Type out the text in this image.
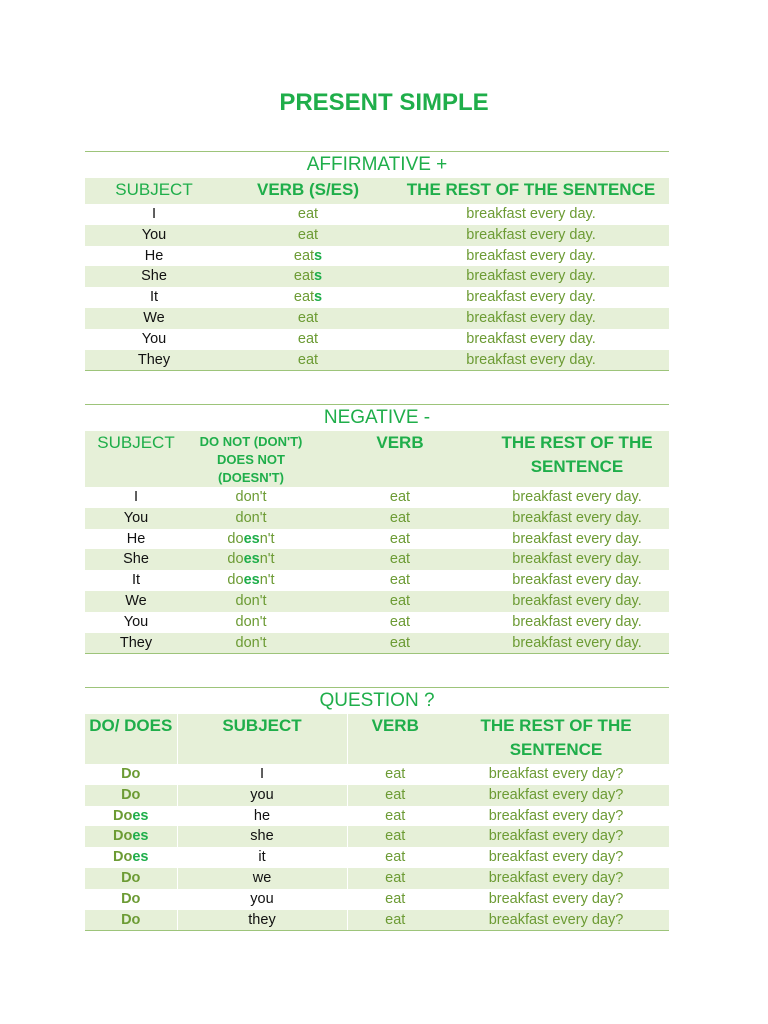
PRESENT SIMPLE
AFFIRMATIVE +
SUBJECT	VERB (S/ES)	THE REST OF THE SENTENCE
I	eat	breakfast every day.
You	eat	breakfast every day.
He	eats	breakfast every day.
She	eats	breakfast every day.
It	eats	breakfast every day.
We	eat	breakfast every day.
You	eat	breakfast every day.
They	eat	breakfast every day.
NEGATIVE -
SUBJECT	DO NOT (DON'T) DOES NOT (DOESN'T)	VERB	THE REST OF THE SENTENCE
I	don't	eat	breakfast every day.
You	don't	eat	breakfast every day.
He	doesn't	eat	breakfast every day.
She	doesn't	eat	breakfast every day.
It	doesn't	eat	breakfast every day.
We	don't	eat	breakfast every day.
You	don't	eat	breakfast every day.
They	don't	eat	breakfast every day.
QUESTION ?
DO/ DOES	SUBJECT	VERB	THE REST OF THE SENTENCE
Do	I	eat	breakfast every day?
Do	you	eat	breakfast every day?
Does	he	eat	breakfast every day?
Does	she	eat	breakfast every day?
Does	it	eat	breakfast every day?
Do	we	eat	breakfast every day?
Do	you	eat	breakfast every day?
Do	they	eat	breakfast every day?
